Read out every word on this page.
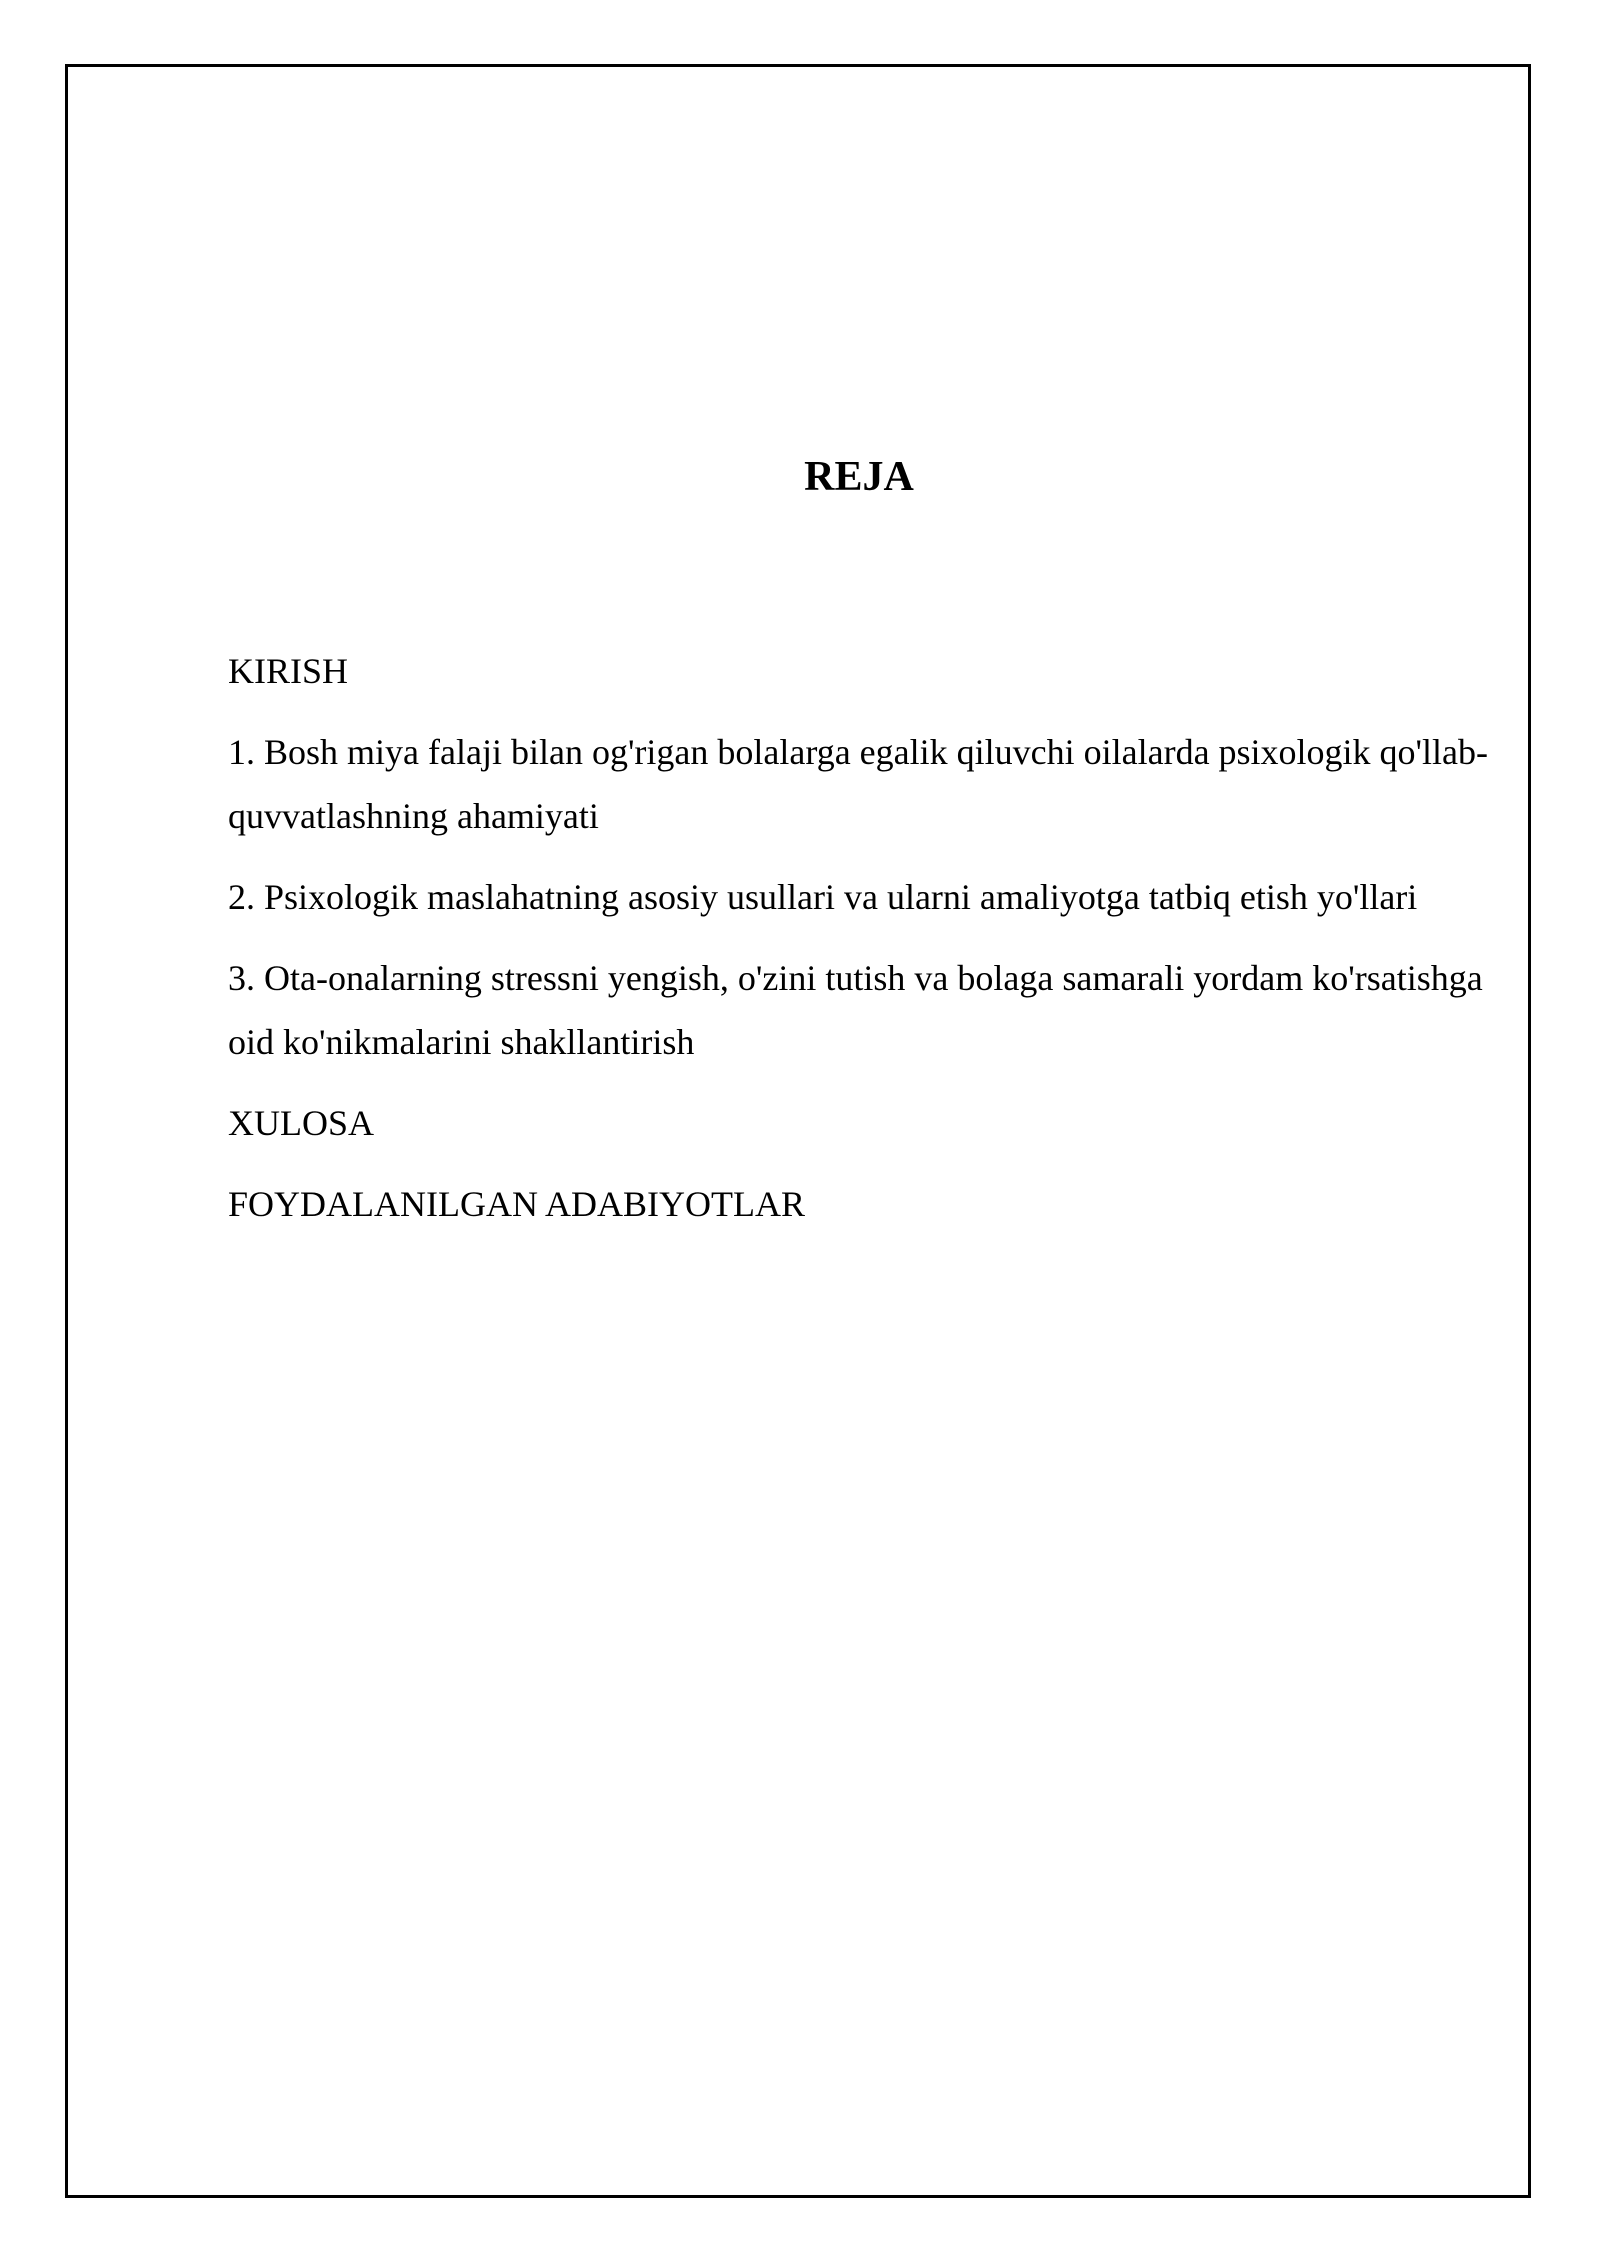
REJA
KIRISH
1. Bosh miya falaji bilan og'rigan bolalarga egalik qiluvchi oilalarda psixologik qo'llab-quvvatlashning ahamiyati
2. Psixologik maslahatning asosiy usullari va ularni amaliyotga tatbiq etish yo'llari
3. Ota-onalarning stressni yengish, o'zini tutish va bolaga samarali yordam ko'rsatishga oid ko'nikmalarini shakllantirish
XULOSA
FOYDALANILGAN ADABIYOTLAR
